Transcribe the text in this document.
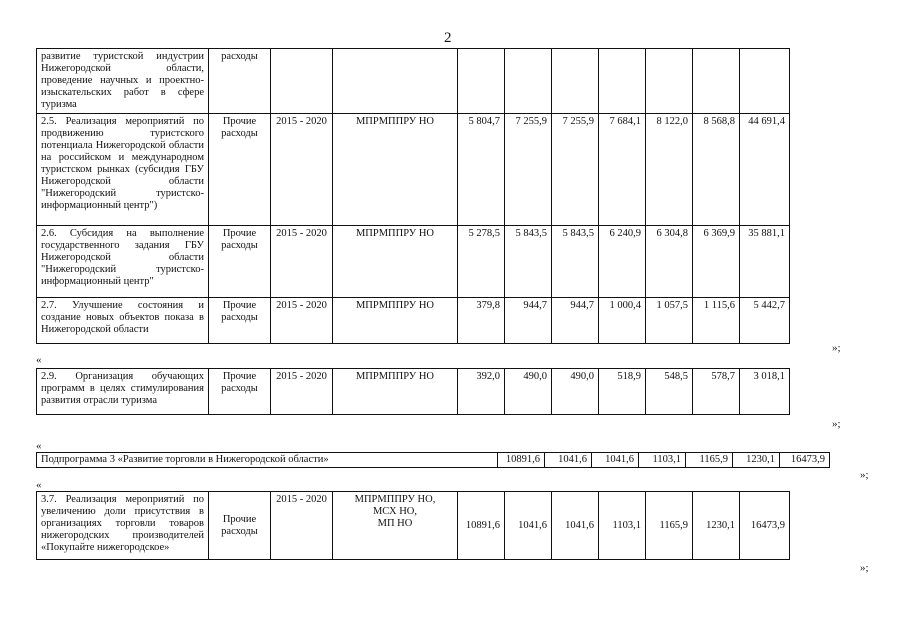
2
развитие туристской индустрии Нижегородской области, проведение научных и проектно-изыскательских работ в сфере туризма	расходы									
2.5. Реализация мероприятий по продвижению туристского потенциала Нижегородской области на российском и международном туристском рынках (субсидия ГБУ Нижегородской области "Нижегородский туристско-информационный центр")	Прочие расходы	2015 - 2020	МПРМППРУ НО	5 804,7	7 255,9	7 255,9	7 684,1	8 122,0	8 568,8	44 691,4
2.6. Субсидия на выполнение государственного задания ГБУ Нижегородской области "Нижегородский туристско-информационный центр"	Прочие расходы	2015 - 2020	МПРМППРУ НО	5 278,5	5 843,5	5 843,5	6 240,9	6 304,8	6 369,9	35 881,1
2.7. Улучшение состояния и создание новых объектов показа в Нижегородской области	Прочие расходы	2015 - 2020	МПРМППРУ НО	379,8	944,7	944,7	1 000,4	1 057,5	1 115,6	5 442,7
»;
«
2.9. Организация обучающих программ в целях стимулирования развития отрасли туризма	Прочие расходы	2015 - 2020	МПРМППРУ НО	392,0	490,0	490,0	518,9	548,5	578,7	3 018,1
»;
«
Подпрограмма 3 «Развитие торговли в Нижегородской области»	10891,6	1041,6	1041,6	1103,1	1165,9	1230,1	16473,9
»;
«
3.7. Реализация мероприятий по увеличению доли присутствия в организациях торговли товаров нижегородских производителей «Покупайте нижегородское»	Прочие расходы	2015 - 2020	МПРМППРУ НО,
МСХ НО,
МП НО	10891,6	1041,6	1041,6	1103,1	1165,9	1230,1	16473,9
»;
